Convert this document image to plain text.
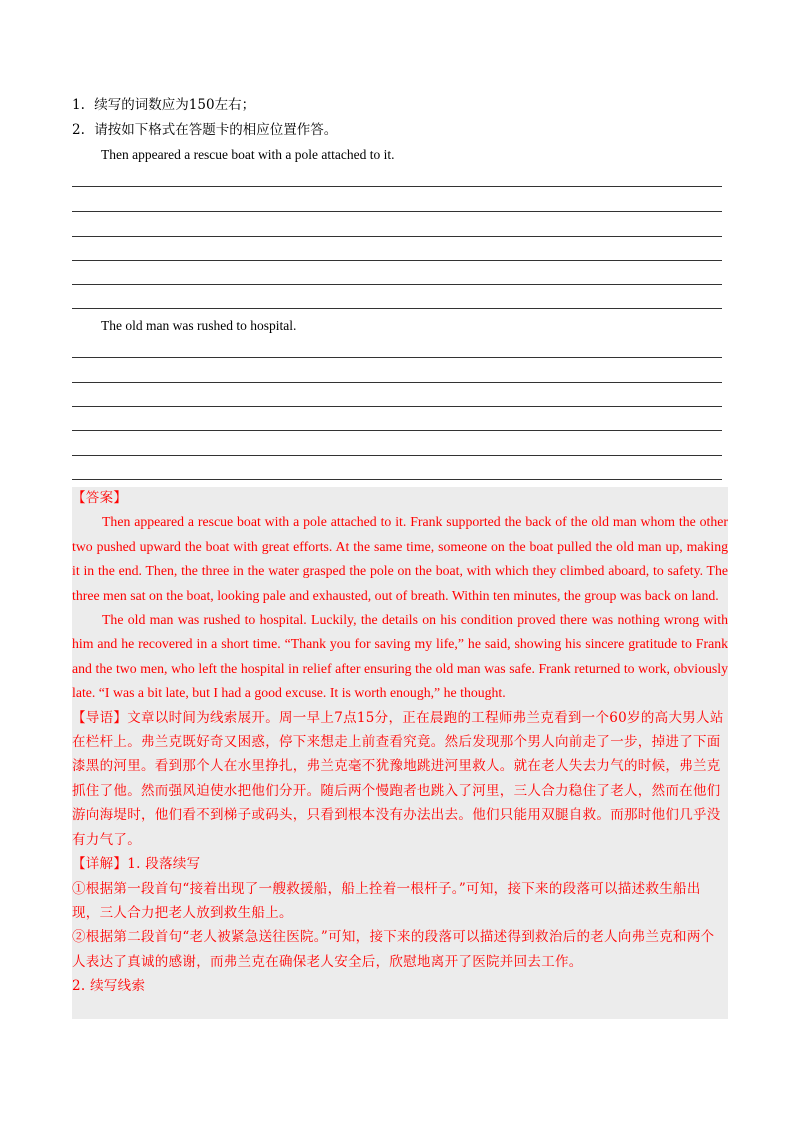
1. 续写的词数应为150左右；
2. 请按如下格式在答题卡的相应位置作答。
Then appeared a rescue boat with a pole attached to it.
The old man was rushed to hospital.

【答案】

Then appeared a rescue boat with a pole attached to it. Frank supported the back of the old man whom the other two pushed upward the boat with great efforts. At the same time, someone on the boat pulled the old man up, making it in the end. Then, the three in the water grasped the pole on the boat, with which they climbed aboard, to safety. The three men sat on the boat, looking pale and exhausted, out of breath. Within ten minutes, the group was back on land.

The old man was rushed to hospital. Luckily, the details on his condition proved there was nothing wrong with him and he recovered in a short time. “Thank you for saving my life,” he said, showing his sincere gratitude to Frank and the two men, who left the hospital in relief after ensuring the old man was safe. Frank returned to work, obviously late. “I was a bit late, but I had a good excuse. It is worth enough,” he thought.

【导语】文章以时间为线索展开。周一早上7点15分，正在晨跑的工程师弗兰克看到一个60岁的高大男人站在栏杆上。弗兰克既好奇又困惑，停下来想走上前查看究竟。然后发现那个男人向前走了一步，掉进了下面漆黑的河里。看到那个人在水里挣扎，弗兰克毫不犹豫地跳进河里救人。就在老人失去力气的时候，弗兰克抓住了他。然而强风迫使水把他们分开。随后两个慢跑者也跳入了河里，三人合力稳住了老人，然而在他们游向海堤时，他们看不到梯子或码头，只看到根本没有办法出去。他们只能用双腿自救。而那时他们几乎没有力气了。

【详解】1. 段落续写

①根据第一段首句“接着出现了一艘救援船，船上拴着一根杆子。”可知，接下来的段落可以描述救生船出现，三人合力把老人放到救生船上。

②根据第二段首句“老人被紧急送往医院。”可知，接下来的段落可以描述得到救治后的老人向弗兰克和两个人表达了真诚的感谢，而弗兰克在确保老人安全后，欣慰地离开了医院并回去工作。

2. 续写线索
